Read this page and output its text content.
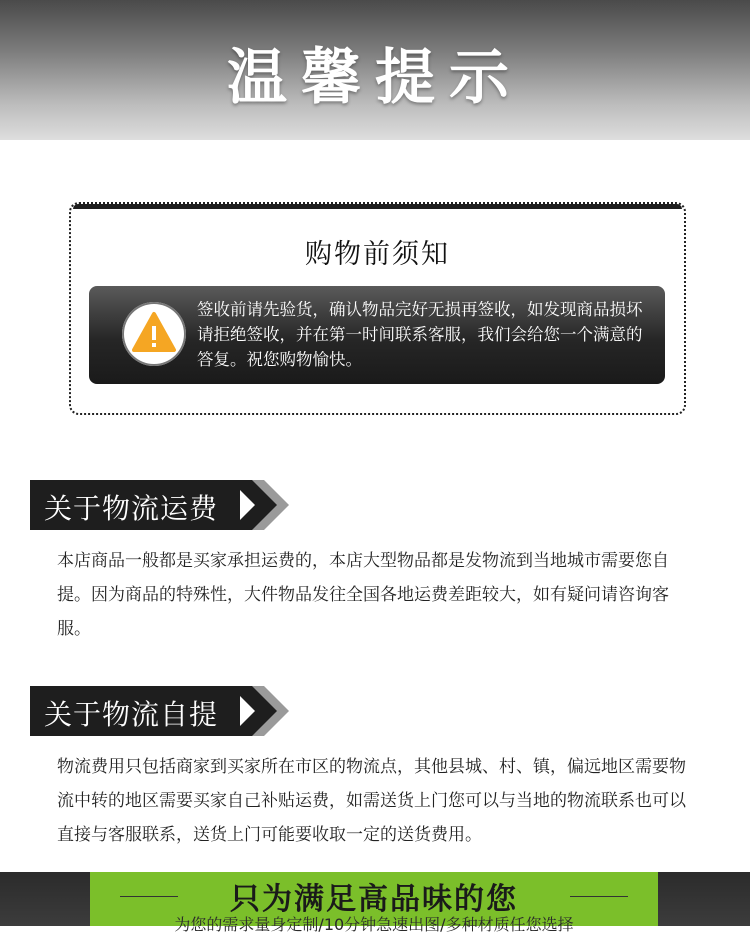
温馨提示
购物前须知
签收前请先验货，确认物品完好无损再签收，如发现商品损坏请拒绝签收，并在第一时间联系客服，我们会给您一个满意的答复。祝您购物愉快。
关于物流运费
本店商品一般都是买家承担运费的，本店大型物品都是发物流到当地城市需要您自提。因为商品的特殊性，大件物品发往全国各地运费差距较大，如有疑问请咨询客服。
关于物流自提
物流费用只包括商家到买家所在市区的物流点，其他县城、村、镇，偏远地区需要物流中转的地区需要买家自己补贴运费，如需送货上门您可以与当地的物流联系也可以直接与客服联系，送货上门可能要收取一定的送货费用。
只为满足高品味的您
为您的需求量身定制/10分钟急速出图/多种材质任您选择
